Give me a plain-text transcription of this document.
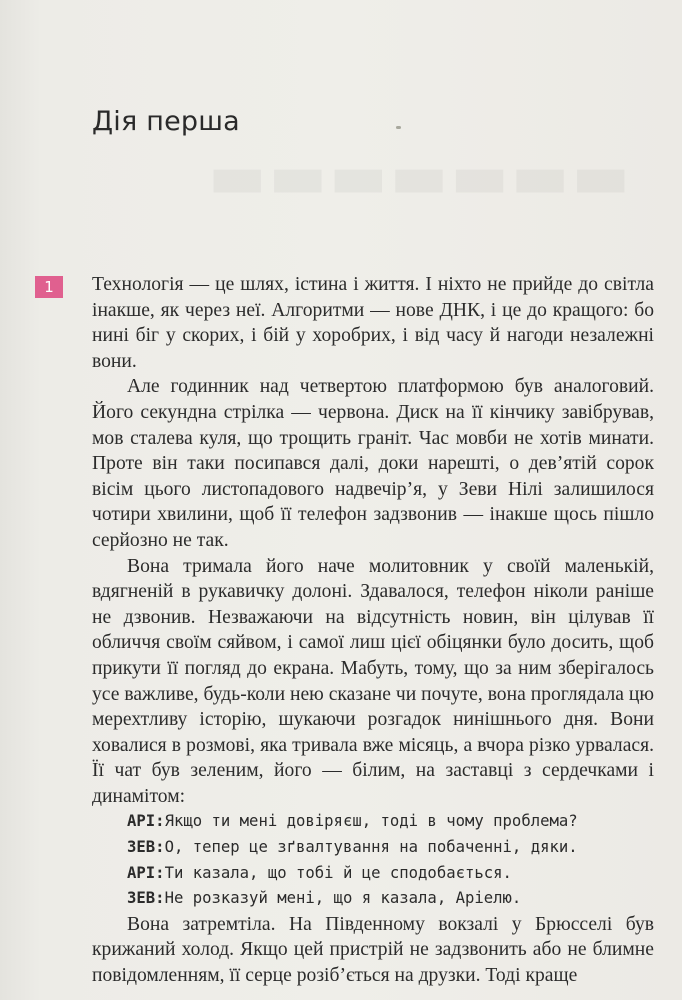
▬▬▬▬▬▬▬
Дія перша
1	Технологія — це шлях, істина і життя. І ніхто не прийде до світла інакше, як через неї. Алгоритми — нове ДНК, і це до кращого: бо нині біг у скорих, і бій у хоробрих, і від часу й нагоди незалежні вони.

Але годинник над четвертою платформою був аналоговий. Його секундна стрілка — червона. Диск на її кінчику завібрував, мов сталева куля, що трощить граніт. Час мовби не хотів минати. Проте він таки посипався далі, доки нарешті, о дев’ятій сорок вісім цього листопадового надвечір’я, у Зеви Нілі залишилося чотири хвилини, щоб її телефон задзвонив — інакше щось пішло серйозно не так.

Вона тримала його наче молитовник у своїй маленькій, вдягненій в рукавичку долоні. Здавалося, телефон ніколи раніше не дзвонив. Незважаючи на відсутність новин, він цілував її обличчя своїм сяйвом, і самої лиш цієї обіцянки було досить, щоб прикути її погляд до екрана. Мабуть, тому, що за ним зберігалось усе важливе, будь-коли нею сказане чи почуте, вона проглядала цю мерехтливу історію, шукаючи розгадок нинішнього дня. Вони ховалися в розмові, яка тривала вже місяць, а вчора різко урвалася. Її чат був зеленим, його — білим, на заставці з сердечками і динамітом:

АРІ:Якщо ти мені довіряєш, тоді в чому проблема?
ЗЕВ:О, тепер це зґвалтування на побаченні, дяки.
АРІ:Ти казала, що тобі й це сподобається.
ЗЕВ:Не розказуй мені, що я казала, Аріелю.

Вона затремтіла. На Південному вокзалі у Брюсселі був крижаний холод. Якщо цей пристрій не задзвонить або не блимне повідомленням, її серце розіб’ється на друзки. Тоді краще
